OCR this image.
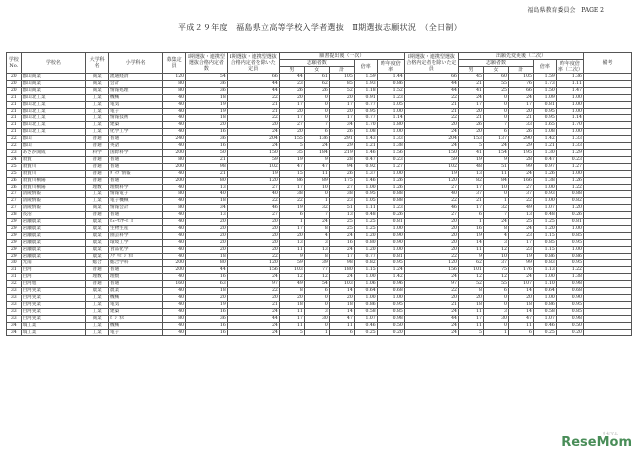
福島県教育委員会 PAGE 2
平成２９年度　福島県立高等学校入学者選抜　Ⅱ期選抜志願状況　（全日制）
学校No.	学校名	大学科名	小学科名	募集定員	Ⅰ期選抜・連携型選抜合格内定者数	Ⅰ期選抜・連携型選抜合格内定者を除いた定員	願書提出後（一次）					Ⅰ期選抜・連携型選抜合格内定者を除いた定員	出願先変更後（二次）					備考
							志願者数			倍率	昨年度倍率		志願者数			倍率	昨年度倍率（二次）	
							男	女	計				男	女	計			
20	郡山商業	商業	流通経済	120	54	66	44	61	105	1.59	1.44	66	45	60	105	1.59	1.36	
20	郡山商業	商業	会計	80	36	44	23	62	85	1.93	0.86	44	21	55	76	1.73	1.11	
20	郡山商業	商業	情報処理	80	36	44	26	26	52	1.18	1.52	44	41	25	66	1.50	1.47	
21	郡山北工業	工業	機械	40	18	22	20	0	20	0.91	1.23	22	24	0	24	1.09	1.00	
21	郡山北工業	工業	電気	40	19	21	17	0	17	0.77	1.05	21	17	0	17	0.81	1.00	
21	郡山北工業	工業	電子	40	19	21	20	0	20	0.95	1.00	21	20	0	20	0.95	1.00	
21	郡山北工業	工業	情報技術	40	18	22	17	0	17	0.77	1.14	22	21	0	21	0.95	1.14	
21	郡山北工業	工業	建築	40	20	20	27	7	34	1.70	1.80	20	26	7	33	1.65	1.70	
21	郡山北工業	工業	化学工学	40	16	24	20	6	26	1.08	1.00	24	20	6	26	1.08	1.00	
22	郡山	普通	普通	240	36	204	155	136	291	1.43	1.33	204	153	137	290	1.42	1.33	
22	郡山	普通	英語	40	16	24	5	24	29	1.21	1.38	24	5	24	29	1.21	1.33	
23	あさか開成	科学	国際科学	200	50	150	35	184	219	1.46	1.56	150	41	154	195	1.30	1.29	
24	須賀	普通	普通	80	21	59	19	9	28	0.47	0.23	59	19	9	28	0.47	0.23	
25	須賀川	普通	普通	200	98	102	47	47	94	0.92	1.27	102	48	51	99	0.97	1.27	
25	須賀川	普通	ﾀﾞｲﾌﾞ情報	40	21	19	15	11	26	1.37	1.00	19	13	11	24	1.26	1.00	
26	須賀川桐陽	普通	普通	200	80	120	86	89	175	1.46	1.26	120	82	84	166	1.38	1.26	
26	須賀川桐陽	理数	理数科学	40	13	27	17	10	27	1.00	1.26	27	17	10	27	1.00	1.22	
27	清陵情報	工業	情報電子	80	40	40	38	0	38	0.95	0.88	40	37	0	37	0.93	0.88	
27	清陵情報	工業	電子機械	40	18	22	22	1	23	1.05	0.88	22	21	1	22	1.00	0.82	
27	清陵情報	商業	情報会計	80	34	46	19	32	51	1.11	1.23	46	17	32	49	1.07	1.20	
28	長沼	普通	普通	40	13	27	6	7	13	0.48	0.26	27	6	7	13	0.48	0.26	
29	岩瀬農業	農業	ﾋｭｰﾏﾝｻｰﾋﾞｽ	40	20	20	1	24	25	1.25	0.81	20	1	24	25	1.25	0.81	
29	岩瀬農業	農業	生物生産	40	20	20	17	8	25	1.25	1.00	20	16	8	24	1.20	1.00	
29	岩瀬農業	農業	園芸科学	40	20	20	20	4	24	1.20	0.90	20	19	4	23	1.15	0.85	
29	岩瀬農業	農業	環境工学	40	20	20	13	3	16	0.80	0.90	20	14	3	17	0.85	0.95	
29	岩瀬農業	農業	食品化学	40	20	20	11	13	24	1.20	1.00	20	11	12	23	1.15	1.00	
29	岩瀬農業	農業	ｱｸﾞﾘﾋﾞｼﾞﾈｽ	40	18	22	9	8	17	0.77	0.81	22	9	10	19	0.86	0.86	
30	光南	総合	総合学科	200	80	120	59	39	98	0.82	0.95	120	62	37	99	0.83	0.95	
31	白河	普通	普通	200	44	156	103	77	180	1.15	1.24	156	101	75	176	1.13	1.22	
31	白河	理数	理数	40	16	24	12	12	24	1.00	1.42	24	12	12	24	1.00	1.38	
32	白河旭	普通	普通	160	63	97	49	54	103	1.06	0.96	97	52	55	107	1.10	0.98	
33	白河実業	農業	農業	40	18	22	8	6	14	0.64	0.68	22	8	6	14	0.64	0.68	
33	白河実業	工業	機械	40	20	20	20	0	20	1.00	1.00	20	20	0	20	1.00	0.90	
33	白河実業	工業	電気	40	19	21	18	0	18	0.86	0.95	21	18	0	18	0.86	0.95	
33	白河実業	工業	建築	40	16	24	11	3	14	0.58	0.85	24	11	3	14	0.58	0.85	
33	白河実業	商業	ﾋﾞｼﾞﾈｽ	80	36	44	17	30	47	1.07	0.98	44	17	30	47	1.07	0.98	
34	塙工業	工業	機械	40	16	24	11	0	11	0.46	0.50	24	11	0	11	0.46	0.50	
34	塙工業	工業	電子	40	16	24	5	1	6	0.25	0.20	24	5	1	6	0.25	0.20	
リセマム
ReseMom
